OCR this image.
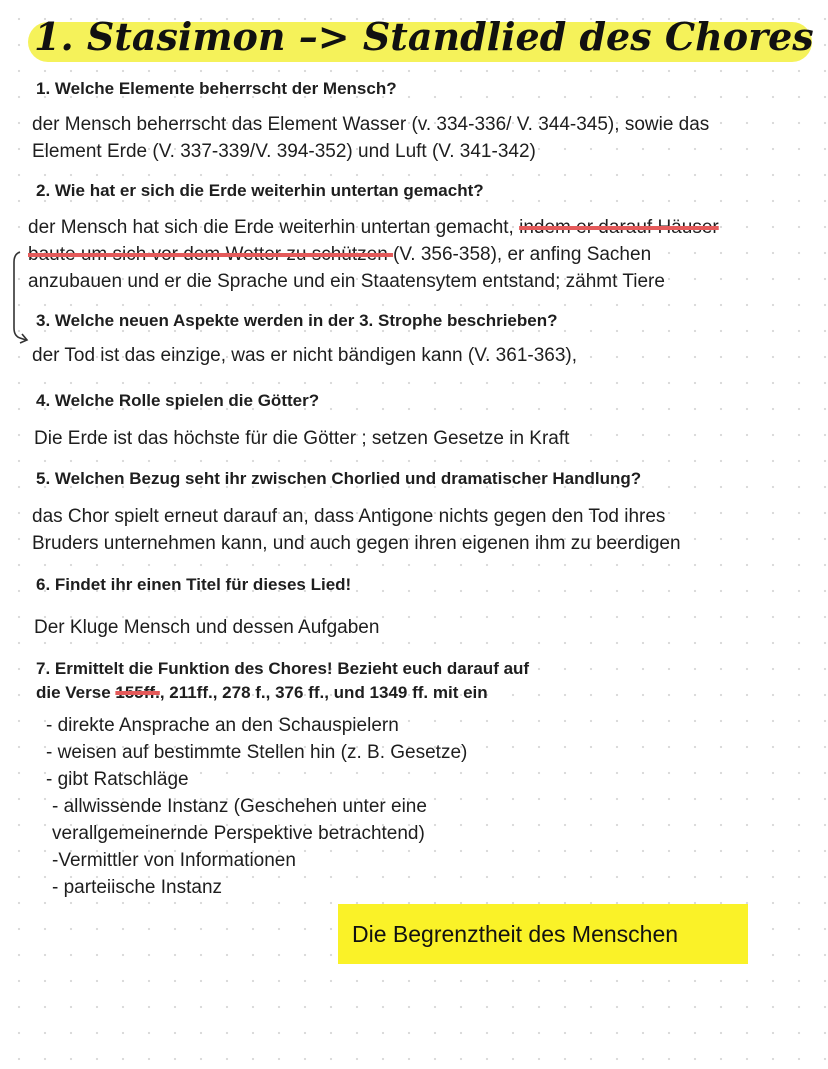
1. Stasimon –> Standlied des Chores

1. Welche Elemente beherrscht der Mensch?

der Mensch beherrscht das Element Wasser (v. 334-336/ V. 344-345), sowie das

Element Erde (V. 337-339/V. 394-352) und Luft (V. 341-342)

2. Wie hat er sich die Erde weiterhin untertan gemacht?

der Mensch hat sich die Erde weiterhin untertan gemacht, indem er darauf Häuser

baute um sich vor dem Wetter zu schützen (V. 356-358), er anfing Sachen

anzubauen und er die Sprache und ein Staatensytem entstand; zähmt Tiere

3. Welche neuen Aspekte werden in der 3. Strophe beschrieben?

der Tod ist das einzige, was er nicht bändigen kann (V. 361-363),

4. Welche Rolle spielen die Götter?

Die Erde ist das höchste für die Götter ; setzen Gesetze in Kraft

5. Welchen Bezug seht ihr zwischen Chorlied und dramatischer Handlung?

das Chor spielt erneut darauf an, dass Antigone nichts gegen den Tod ihres

Bruders unternehmen kann, und auch gegen ihren eigenen ihm zu beerdigen

6. Findet ihr einen Titel für dieses Lied!

Der Kluge Mensch und dessen Aufgaben

7. Ermittelt die Funktion des Chores! Bezieht euch darauf auf

die Verse 155ff., 211ff., 278 f., 376 ff., und 1349 ff. mit ein

- direkte Ansprache an den Schauspielern
- weisen auf bestimmte Stellen hin (z. B. Gesetze)
- gibt Ratschläge
- allwissende Instanz (Geschehen unter eine
verallgemeinernde Perspektive betrachtend)
-Vermittler von Informationen
- parteiische Instanz
Die Begrenztheit des Menschen
